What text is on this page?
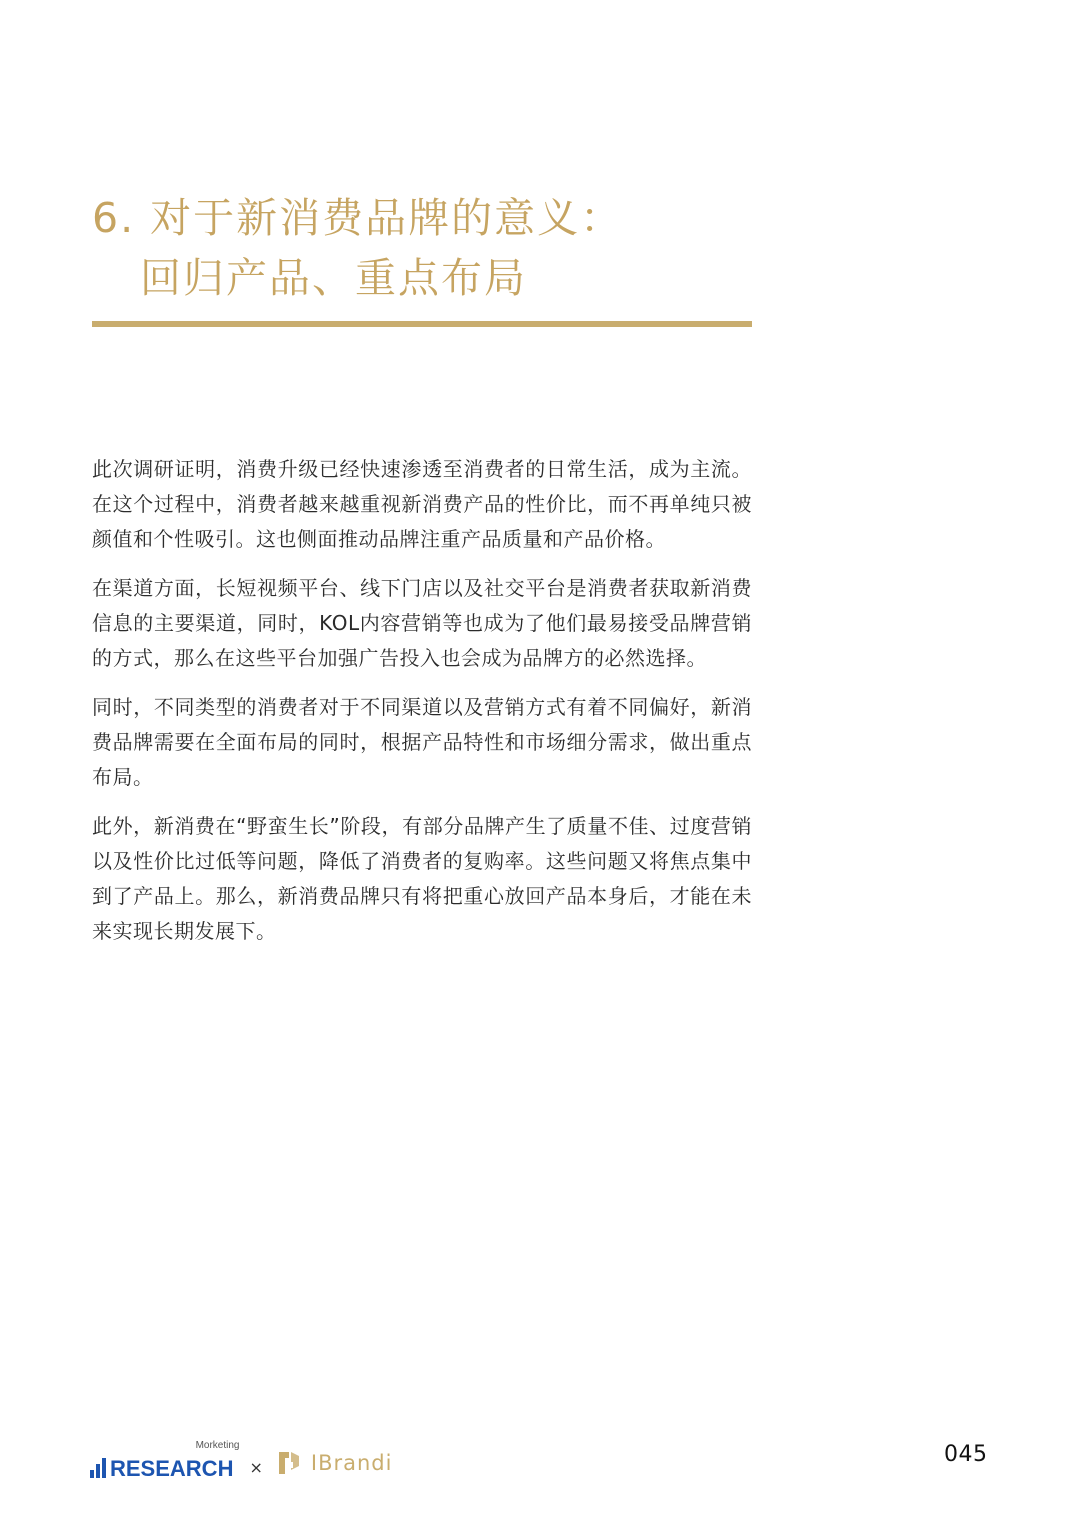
6. 对于新消费品牌的意义：
回归产品、重点布局

此次调研证明，消费升级已经快速渗透至消费者的日常生活，成为主流。在这个过程中，消费者越来越重视新消费产品的性价比，而不再单纯只被颜值和个性吸引。这也侧面推动品牌注重产品质量和产品价格。

在渠道方面，长短视频平台、线下门店以及社交平台是消费者获取新消费信息的主要渠道，同时，KOL内容营销等也成为了他们最易接受品牌营销的方式，那么在这些平台加强广告投入也会成为品牌方的必然选择。

同时，不同类型的消费者对于不同渠道以及营销方式有着不同偏好，新消费品牌需要在全面布局的同时，根据产品特性和市场细分需求，做出重点布局。

此外，新消费在“野蛮生长”阶段，有部分品牌产生了质量不佳、过度营销以及性价比过低等问题，降低了消费者的复购率。这些问题又将焦点集中到了产品上。那么，新消费品牌只有将把重心放回产品本身后，才能在未来实现长期发展下。

RESEARCH
Morketing
× IBrandi	045
